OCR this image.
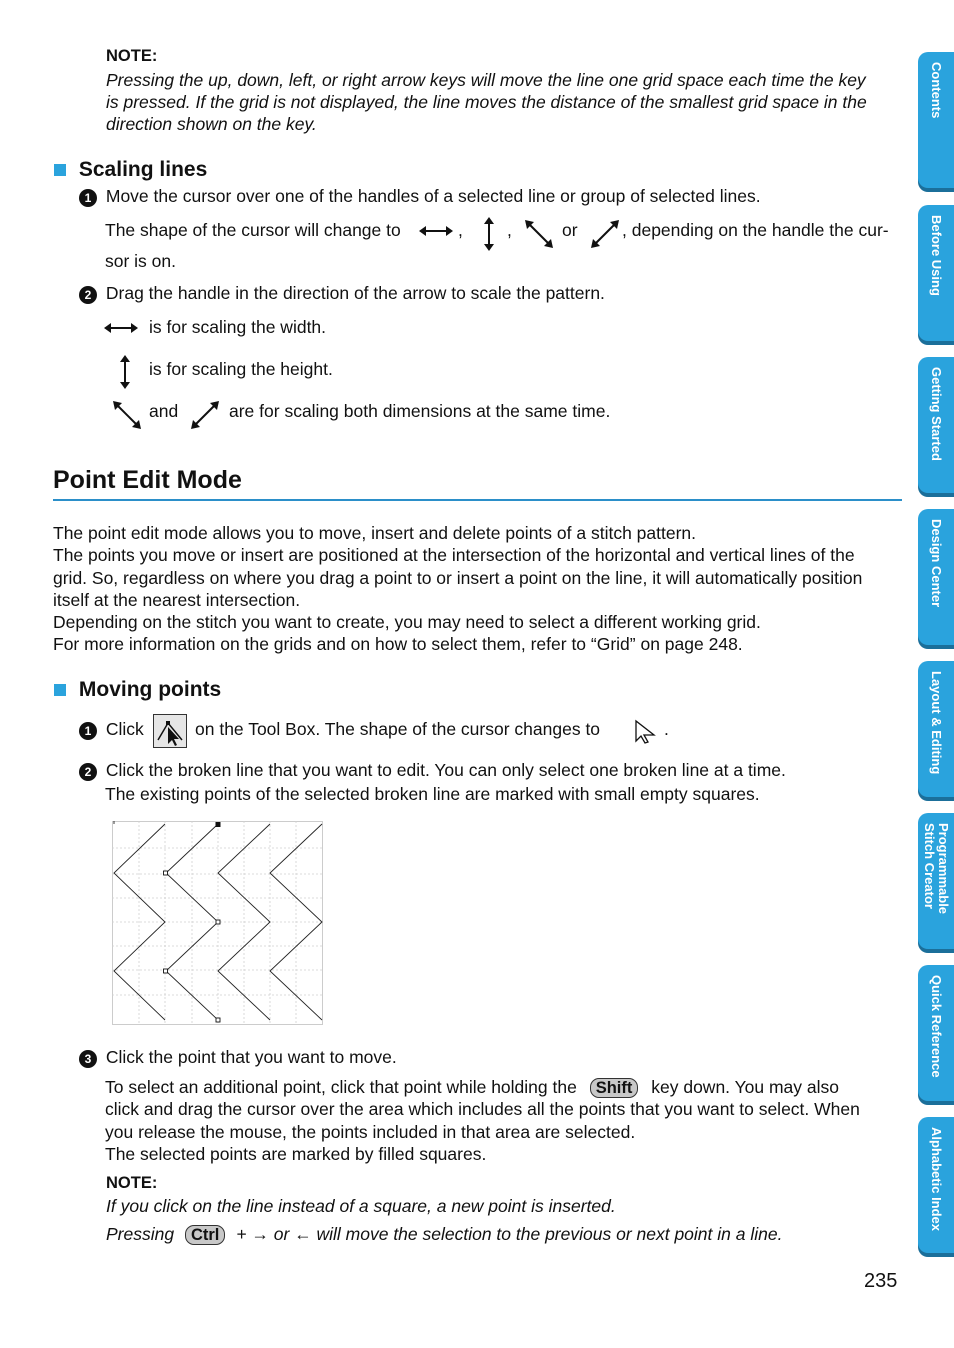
NOTE:
Pressing the up, down, left, or right arrow keys will move the line one grid space each time the key
is pressed. If the grid is not displayed, the line moves the distance of the smallest grid space in the
direction shown on the key.
Scaling lines
1 Move the cursor over one of the handles of a selected line or group of selected lines.
The shape of the cursor will change to	,	,	or	, depending on the handle the cur-
sor is on.
2 Drag the handle in the direction of the arrow to scale the pattern.
is for scaling the width.
is for scaling the height.
and	are for scaling both dimensions at the same time.
Point Edit Mode
The point edit mode allows you to move, insert and delete points of a stitch pattern.
The points you move or insert are positioned at the intersection of the horizontal and vertical lines of the
grid. So, regardless on where you drag a point to or insert a point on the line, it will automatically position
itself at the nearest intersection.
Depending on the stitch you want to create, you may need to select a different working grid.
For more information on the grids and on how to select them, refer to “Grid” on page 248.
Moving points
1 Click	on the Tool Box. The shape of the cursor changes to	.
2 Click the broken line that you want to edit. You can only select one broken line at a time.
The existing points of the selected broken line are marked with small empty squares.
3 Click the point that you want to move.
To select an additional point, click that point while holding the Shift key down. You may also
click and drag the cursor over the area which includes all the points that you want to select. When
you release the mouse, the points included in that area are selected.
The selected points are marked by filled squares.
NOTE:
If you click on the line instead of a square, a new point is inserted.
Pressing Ctrl + → or ← will move the selection to the previous or next point in a line.
235
Contents
Before Using
Getting Started
Design Center
Layout & Editing
Programmable
Stitch Creator
Quick Reference
Alphabetic Index
